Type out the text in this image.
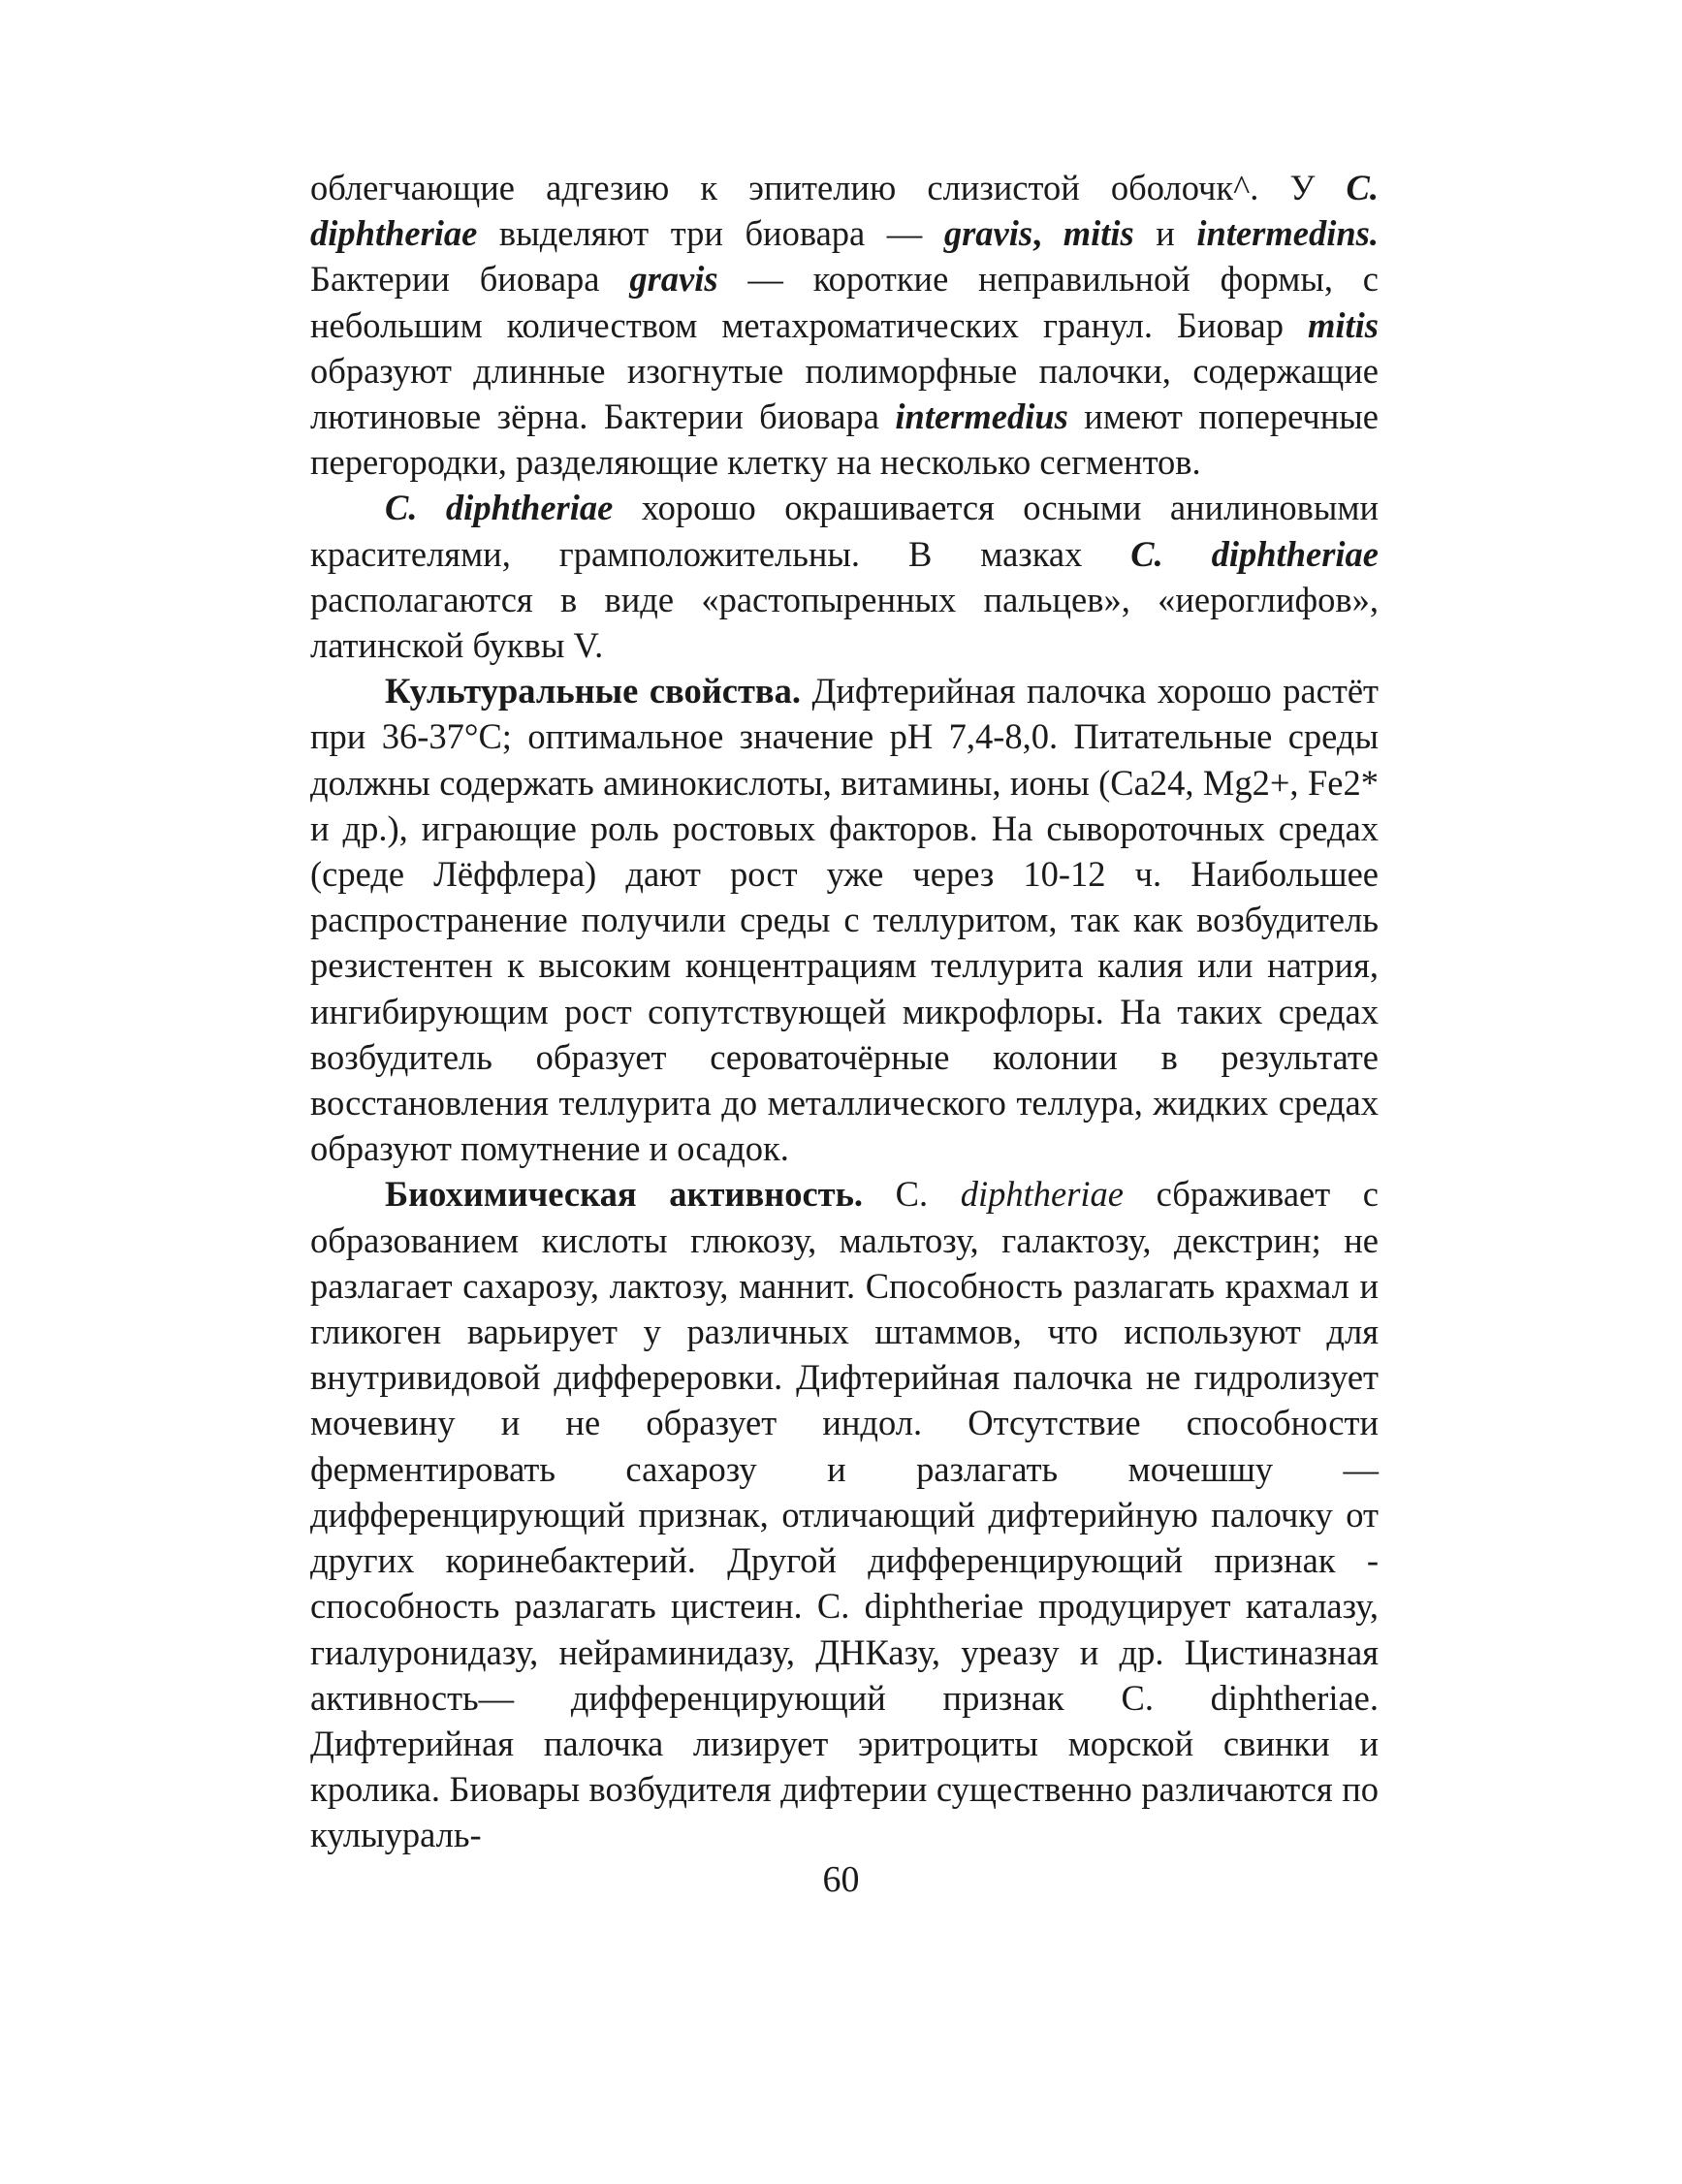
облегчающие адгезию к эпителию слизистой оболочк^. У C. diphtheriae выделяют три биовара — gravis, mitis и intermedins. Бактерии биовара gravis — короткие неправильной формы, с небольшим количеством метахроматических гранул. Биовар mitis образуют длинные изогнутые полиморфные палочки, содержащие лютиновые зёрна. Бактерии биовара intermedius имеют поперечные перегородки, разделяющие клетку на несколько сегментов.

C. diphtheriae хорошо окрашивается осными анилиновыми красителями, грамположительны. В мазках C. diphtheriae располагаются в виде «растопыренных пальцев», «иероглифов», латинской буквы V.

Культуральные свойства. Дифтерийная палочка хорошо растёт при 36-37°С; оптимальное значение pH 7,4-8,0. Питательные среды должны содержать аминокислоты, витамины, ионы (Са24, Mg2+, Fe2* и др.), играющие роль ростовых факторов. На сывороточных средах (среде Лёффлера) дают рост уже через 10-12 ч. Наибольшее распространение получили среды с теллуритом, так как возбудитель резистентен к высоким концентрациям теллурита калия или натрия, ингибирующим рост сопутствующей микрофлоры. На таких средах возбудитель образует сероваточёрные колонии в результате восстановления теллурита до металлического теллура, жидких средах образуют помутнение и осадок.

Биохимическая активность. С. diphtheriae сбраживает с образованием кислоты глюкозу, мальтозу, галактозу, декстрин; не разлагает сахарозу, лактозу, маннит. Способность разлагать крахмал и гликоген варьирует у различных штаммов, что используют для внутривидовой диффереровки. Дифтерийная палочка не гидролизует мочевину и не образует индол. Отсутствие способности ферментировать сахарозу и разлагать мочешшу — дифференцирующий признак, отличающий дифтерийную палочку от других коринебактерий. Другой дифференцирующий признак - способность разлагать цистеин. С. diphtheriae продуцирует каталазу, гиалуронидазу, нейраминидазу, ДНКазу, уреазу и др. Цистиназная активность— дифференцирующий признак С. diphtheriae. Дифтерийная палочка лизирует эритроциты морской свинки и кролика. Биовары возбудителя дифтерии существенно различаются по кулыураль-

60
